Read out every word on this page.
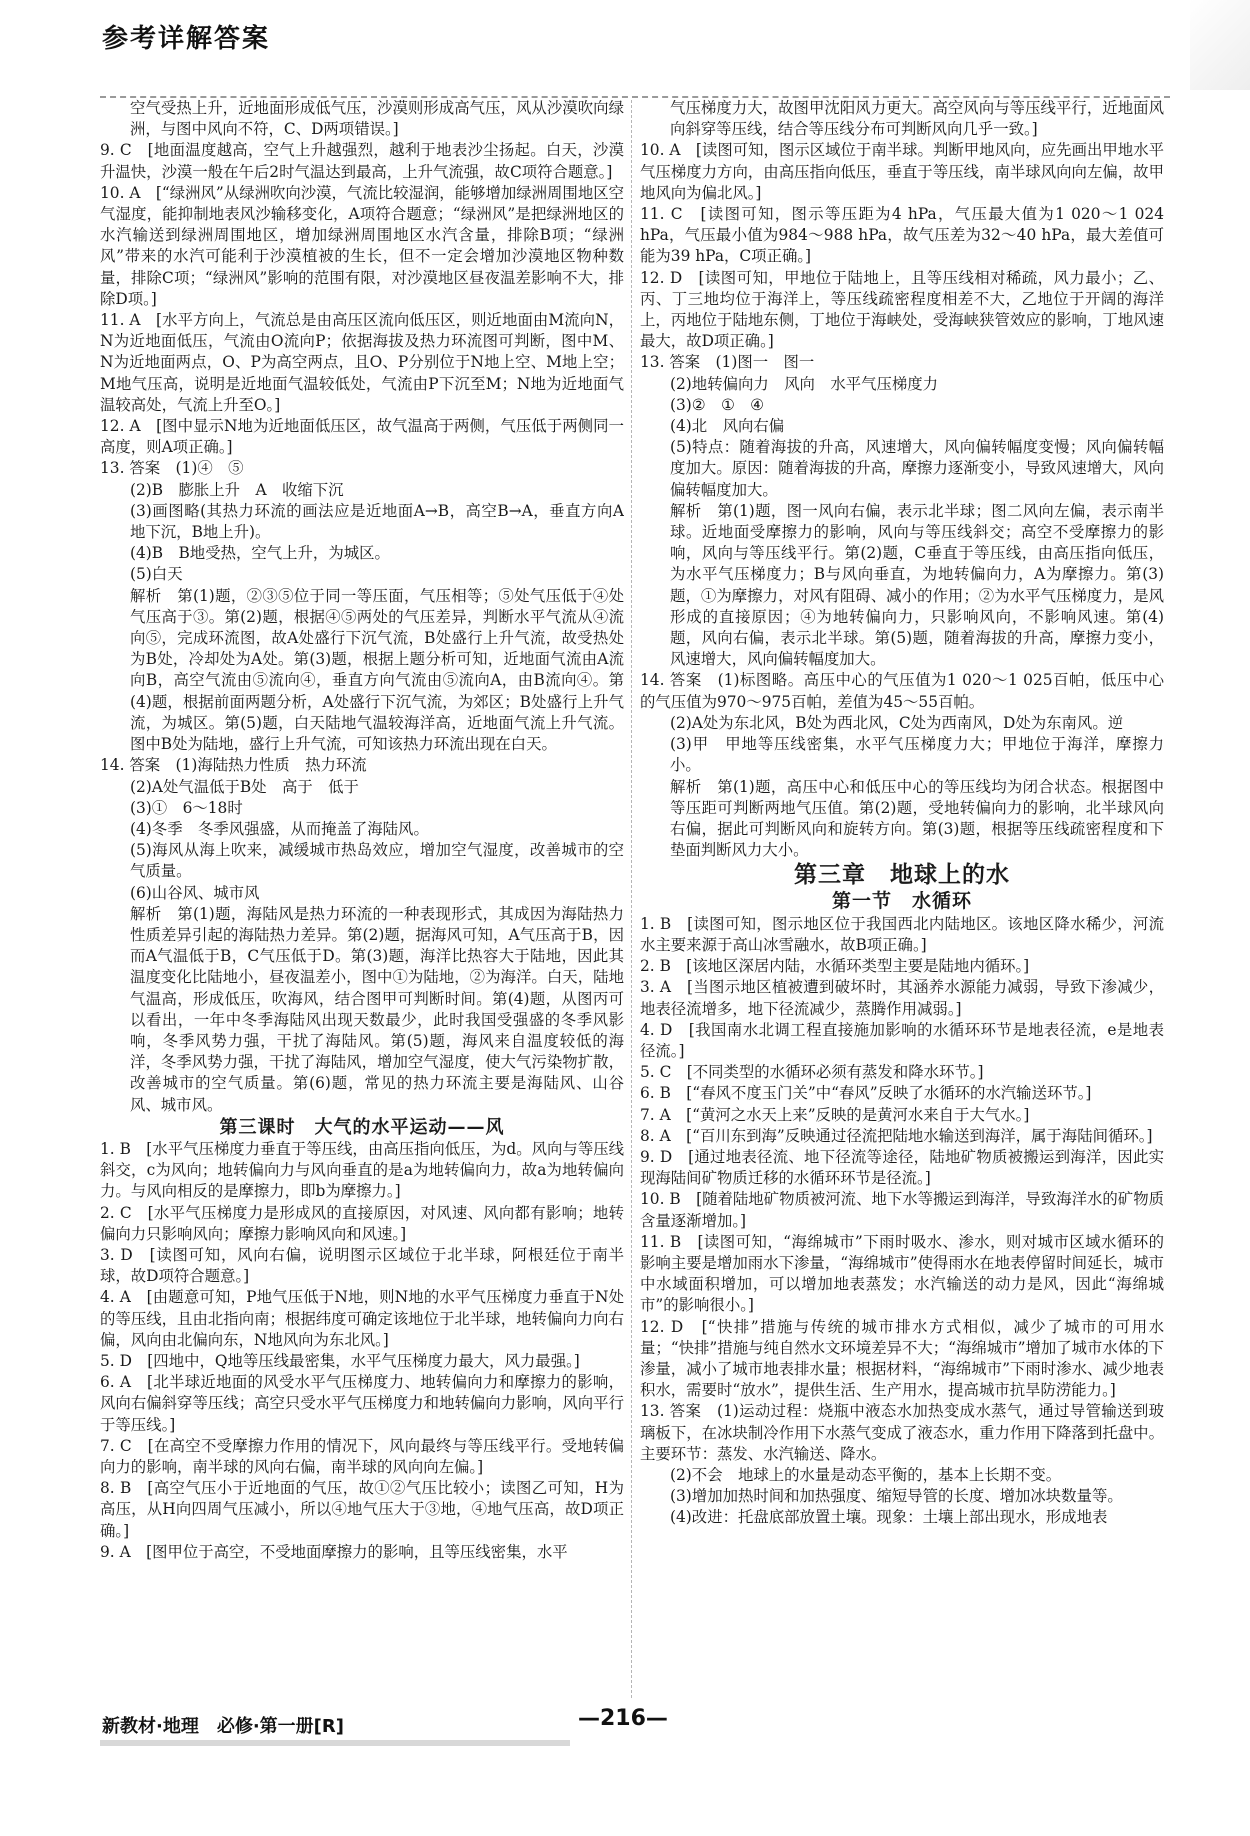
参考详解答案

空气受热上升，近地面形成低气压，沙漠则形成高气压，风从沙漠吹向绿洲，与图中风向不符，C、D两项错误。]

9. C　[地面温度越高，空气上升越强烈，越利于地表沙尘扬起。白天，沙漠升温快，沙漠一般在午后2时气温达到最高，上升气流强，故C项符合题意。]

10. A　[“绿洲风”从绿洲吹向沙漠，气流比较湿润，能够增加绿洲周围地区空气湿度，能抑制地表风沙输移变化，A项符合题意；“绿洲风”是把绿洲地区的水汽输送到绿洲周围地区，增加绿洲周围地区水汽含量，排除B项；“绿洲风”带来的水汽可能利于沙漠植被的生长，但不一定会增加沙漠地区物种数量，排除C项；“绿洲风”影响的范围有限，对沙漠地区昼夜温差影响不大，排除D项。]

11. A　[水平方向上，气流总是由高压区流向低压区，则近地面由M流向N，N为近地面低压，气流由O流向P；依据海拔及热力环流图可判断，图中M、N为近地面两点，O、P为高空两点，且O、P分别位于N地上空、M地上空；M地气压高，说明是近地面气温较低处，气流由P下沉至M；N地为近地面气温较高处，气流上升至O。]

12. A　[图中显示N地为近地面低压区，故气温高于两侧，气压低于两侧同一高度，则A项正确。]

13. 答案　(1)④　⑤

(2)B　膨胀上升　A　收缩下沉

(3)画图略(其热力环流的画法应是近地面A→B，高空B→A，垂直方向A地下沉，B地上升)。

(4)B　B地受热，空气上升，为城区。

(5)白天

解析　第(1)题，②③⑤位于同一等压面，气压相等；⑤处气压低于④处气压高于③。第(2)题，根据④⑤两处的气压差异，判断水平气流从④流向⑤，完成环流图，故A处盛行下沉气流，B处盛行上升气流，故受热处为B处，冷却处为A处。第(3)题，根据上题分析可知，近地面气流由A流向B，高空气流由⑤流向④，垂直方向气流由⑤流向A，由B流向④。第(4)题，根据前面两题分析，A处盛行下沉气流，为郊区；B处盛行上升气流，为城区。第(5)题，白天陆地气温较海洋高，近地面气流上升气流。图中B处为陆地，盛行上升气流，可知该热力环流出现在白天。

14. 答案　(1)海陆热力性质　热力环流

(2)A处气温低于B处　高于　低于

(3)①　6～18时

(4)冬季　冬季风强盛，从而掩盖了海陆风。

(5)海风从海上吹来，减缓城市热岛效应，增加空气湿度，改善城市的空气质量。

(6)山谷风、城市风

解析　第(1)题，海陆风是热力环流的一种表现形式，其成因为海陆热力性质差异引起的海陆热力差异。第(2)题，据海风可知，A气压高于B，因而A气温低于B，C气压低于D。第(3)题，海洋比热容大于陆地，因此其温度变化比陆地小，昼夜温差小，图中①为陆地，②为海洋。白天，陆地气温高，形成低压，吹海风，结合图甲可判断时间。第(4)题，从图丙可以看出，一年中冬季海陆风出现天数最少，此时我国受强盛的冬季风影响，冬季风势力强，干扰了海陆风。第(5)题，海风来自温度较低的海洋，冬季风势力强，干扰了海陆风，增加空气湿度，使大气污染物扩散，改善城市的空气质量。第(6)题，常见的热力环流主要是海陆风、山谷风、城市风。

第三课时　大气的水平运动——风

1. B　[水平气压梯度力垂直于等压线，由高压指向低压，为d。风向与等压线斜交，c为风向；地转偏向力与风向垂直的是a为地转偏向力，故a为地转偏向力。与风向相反的是摩擦力，即b为摩擦力。]

2. C　[水平气压梯度力是形成风的直接原因，对风速、风向都有影响；地转偏向力只影响风向；摩擦力影响风向和风速。]

3. D　[读图可知，风向右偏，说明图示区域位于北半球，阿根廷位于南半球，故D项符合题意。]

4. A　[由题意可知，P地气压低于N地，则N地的水平气压梯度力垂直于N处的等压线，且由北指向南；根据纬度可确定该地位于北半球，地转偏向力向右偏，风向由北偏向东，N地风向为东北风。]

5. D　[四地中，Q地等压线最密集，水平气压梯度力最大，风力最强。]

6. A　[北半球近地面的风受水平气压梯度力、地转偏向力和摩擦力的影响，风向右偏斜穿等压线；高空只受水平气压梯度力和地转偏向力影响，风向平行于等压线。]

7. C　[在高空不受摩擦力作用的情况下，风向最终与等压线平行。受地转偏向力的影响，南半球的风向右偏，南半球的风向向左偏。]

8. B　[高空气压小于近地面的气压，故①②气压比较小；读图乙可知，H为高压，从H向四周气压减小，所以④地气压大于③地，④地气压高，故D项正确。]

9. A　[图甲位于高空，不受地面摩擦力的影响，且等压线密集，水平

气压梯度力大，故图甲沈阳风力更大。高空风向与等压线平行，近地面风向斜穿等压线，结合等压线分布可判断风向几乎一致。]

10. A　[读图可知，图示区域位于南半球。判断甲地风向，应先画出甲地水平气压梯度力方向，由高压指向低压，垂直于等压线，南半球风向向左偏，故甲地风向为偏北风。]

11. C　[读图可知，图示等压距为4 hPa，气压最大值为1 020～1 024 hPa，气压最小值为984～988 hPa，故气压差为32～40 hPa，最大差值可能为39 hPa，C项正确。]

12. D　[读图可知，甲地位于陆地上，且等压线相对稀疏，风力最小；乙、丙、丁三地均位于海洋上，等压线疏密程度相差不大，乙地位于开阔的海洋上，丙地位于陆地东侧，丁地位于海峡处，受海峡狭管效应的影响，丁地风速最大，故D项正确。]

13. 答案　(1)图一　图一

(2)地转偏向力　风向　水平气压梯度力

(3)②　①　④

(4)北　风向右偏

(5)特点：随着海拔的升高，风速增大，风向偏转幅度变慢；风向偏转幅度加大。原因：随着海拔的升高，摩擦力逐渐变小，导致风速增大，风向偏转幅度加大。

解析　第(1)题，图一风向右偏，表示北半球；图二风向左偏，表示南半球。近地面受摩擦力的影响，风向与等压线斜交；高空不受摩擦力的影响，风向与等压线平行。第(2)题，C垂直于等压线，由高压指向低压，为水平气压梯度力；B与风向垂直，为地转偏向力，A为摩擦力。第(3)题，①为摩擦力，对风有阻碍、减小的作用；②为水平气压梯度力，是风形成的直接原因；④为地转偏向力，只影响风向，不影响风速。第(4)题，风向右偏，表示北半球。第(5)题，随着海拔的升高，摩擦力变小，风速增大，风向偏转幅度加大。

14. 答案　(1)标图略。高压中心的气压值为1 020～1 025百帕，低压中心的气压值为970～975百帕，差值为45～55百帕。

(2)A处为东北风，B处为西北风，C处为西南风，D处为东南风。逆

(3)甲　甲地等压线密集，水平气压梯度力大；甲地位于海洋，摩擦力小。

解析　第(1)题，高压中心和低压中心的等压线均为闭合状态。根据图中等压距可判断两地气压值。第(2)题，受地转偏向力的影响，北半球风向右偏，据此可判断风向和旋转方向。第(3)题，根据等压线疏密程度和下垫面判断风力大小。

第三章　地球上的水

第一节　水循环

1. B　[读图可知，图示地区位于我国西北内陆地区。该地区降水稀少，河流水主要来源于高山冰雪融水，故B项正确。]

2. B　[该地区深居内陆，水循环类型主要是陆地内循环。]

3. A　[当图示地区植被遭到破坏时，其涵养水源能力减弱，导致下渗减少，地表径流增多，地下径流减少，蒸腾作用减弱。]

4. D　[我国南水北调工程直接施加影响的水循环环节是地表径流，e是地表径流。]

5. C　[不同类型的水循环必须有蒸发和降水环节。]

6. B　[“春风不度玉门关”中“春风”反映了水循环的水汽输送环节。]

7. A　[“黄河之水天上来”反映的是黄河水来自于大气水。]

8. A　[“百川东到海”反映通过径流把陆地水输送到海洋，属于海陆间循环。]

9. D　[通过地表径流、地下径流等途径，陆地矿物质被搬运到海洋，因此实现海陆间矿物质迁移的水循环环节是径流。]

10. B　[随着陆地矿物质被河流、地下水等搬运到海洋，导致海洋水的矿物质含量逐渐增加。]

11. B　[读图可知，“海绵城市”下雨时吸水、渗水，则对城市区域水循环的影响主要是增加雨水下渗量，“海绵城市”使得雨水在地表停留时间延长，城市中水域面积增加，可以增加地表蒸发；水汽输送的动力是风，因此“海绵城市”的影响很小。]

12. D　[“快排”措施与传统的城市排水方式相似，减少了城市的可用水量；“快排”措施与纯自然水文环境差异不大；“海绵城市”增加了城市水体的下渗量，减小了城市地表排水量；根据材料，“海绵城市”下雨时渗水、减少地表积水，需要时“放水”，提供生活、生产用水，提高城市抗旱防涝能力。]

13. 答案　(1)运动过程：烧瓶中液态水加热变成水蒸气，通过导管输送到玻璃板下，在冰块制冷作用下水蒸气变成了液态水，重力作用下降落到托盘中。主要环节：蒸发、水汽输送、降水。

(2)不会　地球上的水量是动态平衡的，基本上长期不变。

(3)增加加热时间和加热强度、缩短导管的长度、增加冰块数量等。

(4)改进：托盘底部放置土壤。现象：土壤上部出现水，形成地表

新教材·地理　必修·第一册[R]	—216—
